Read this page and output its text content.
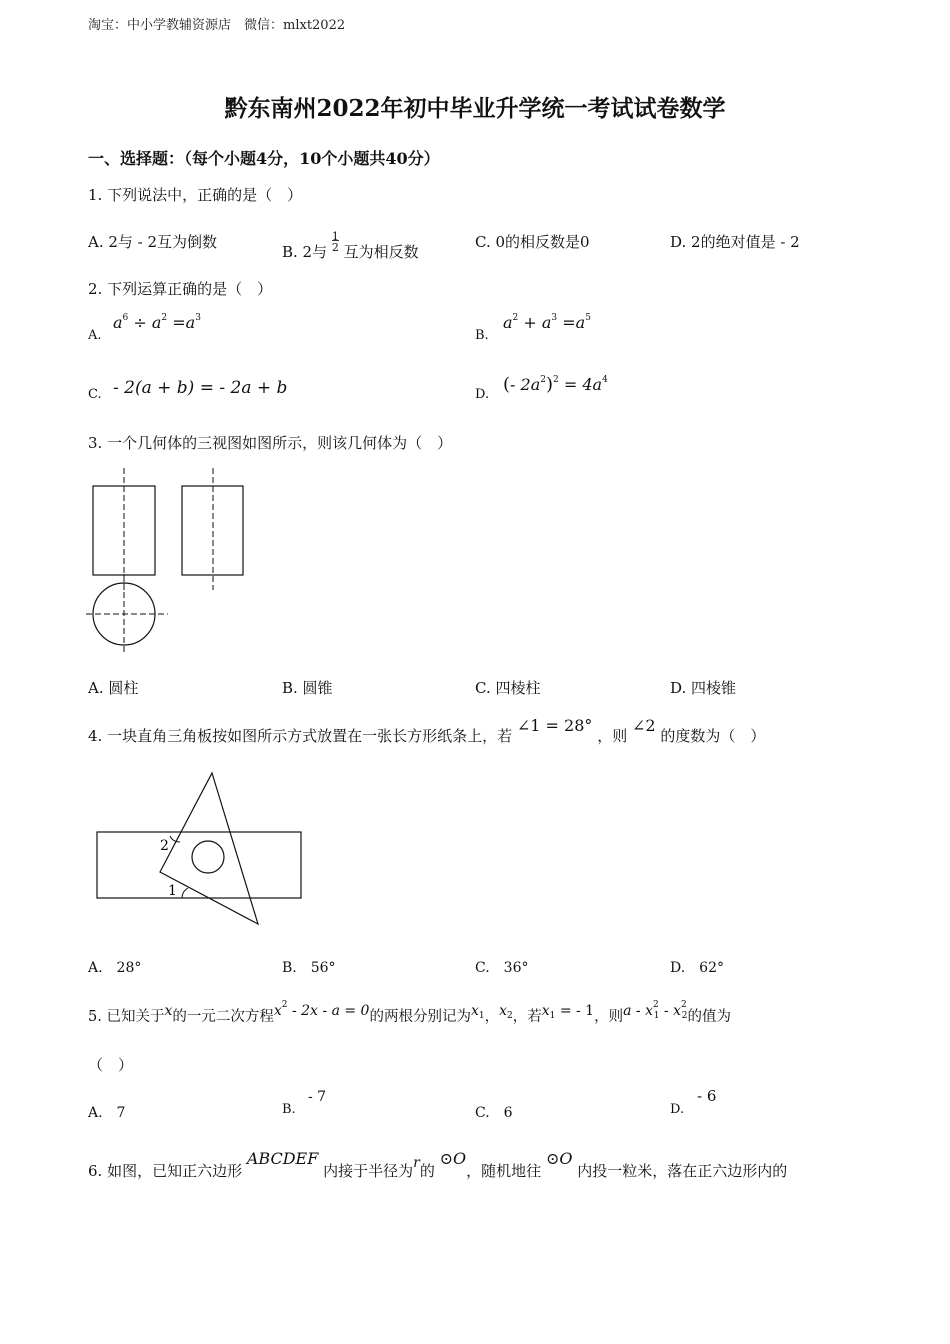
淘宝：中小学教辅资源店　微信：mlxt2022
黔东南州2022年初中毕业升学统一考试试卷数学
一、选择题：（每个小题4分，10个小题共40分）
1. 下列说法中，正确的是（　）
A. 2与 - 2互为倒数
B. 2与 $\frac{1}{2}$ 互为相反数
C. 0的相反数是0	D. 2的绝对值是 - 2
2. 下列运算正确的是（　）
A.
$a^6 \div a^2 =a^3$
B.
$a^2 + a^3 =a^5$
C. - 2(a + b) = - 2a + b	D. (- $2a^2)^2 = 4a^4$
3. 一个几何体的三视图如图所示，则该几何体为（　）
A. 圆柱	B. 圆锥	C. 四棱柱	D. 四棱锥
4. 一块直角三角板按如图所示方式放置在一张长方形纸条上，若 ∠1 = 28° ，则 ∠2 的度数为（　）
2
1
A.　28°	B.　56°	C.　36°	D.　62°
5. 已知关于x的一元二次方程$x^2 - 2x - a = 0$的两根分别记为$x_1$，$x_2$，若$x_1$ = - 1，则a - $x^2_1 - x^2_2$的值为
（　）
A.　7	B.
- 7
C.　6	D.
- 6
6. 如图，已知正六边形 ABCDEF 内接于半径为r的 ⊙O，随机地往 ⊙O 内投一粒米，落在正六边形内的
